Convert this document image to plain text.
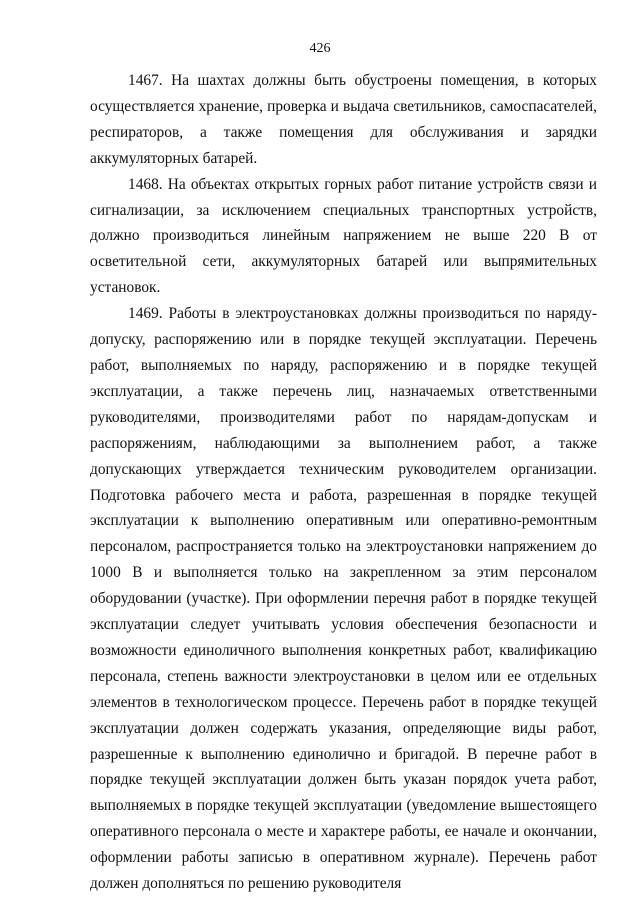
426

1467. На шахтах должны быть обустроены помещения, в которых осуществляется хранение, проверка и выдача светильников, самоспасателей, респираторов, а также помещения для обслуживания и зарядки аккумуляторных батарей.

1468. На объектах открытых горных работ питание устройств связи и сигнализации, за исключением специальных транспортных устройств, должно производиться линейным напряжением не выше 220 В от осветительной сети, аккумуляторных батарей или выпрямительных установок.

1469. Работы в электроустановках должны производиться по наряду-допуску, распоряжению или в порядке текущей эксплуатации. Перечень работ, выполняемых по наряду, распоряжению и в порядке текущей эксплуатации, а также перечень лиц, назначаемых ответственными руководителями, производителями работ по нарядам-допускам и распоряжениям, наблюдающими за выполнением работ, а также допускающих утверждается техническим руководителем организации. Подготовка рабочего места и работа, разрешенная в порядке текущей эксплуатации к выполнению оперативным или оперативно-ремонтным персоналом, распространяется только на электроустановки напряжением до 1000 В и выполняется только на закрепленном за этим персоналом оборудовании (участке). При оформлении перечня работ в порядке текущей эксплуатации следует учитывать условия обеспечения безопасности и возможности единоличного выполнения конкретных работ, квалификацию персонала, степень важности электроустановки в целом или ее отдельных элементов в технологическом процессе. Перечень работ в порядке текущей эксплуатации должен содержать указания, определяющие виды работ, разрешенные к выполнению единолично и бригадой. В перечне работ в порядке текущей эксплуатации должен быть указан порядок учета работ, выполняемых в порядке текущей эксплуатации (уведомление вышестоящего оперативного персонала о месте и характере работы, ее начале и окончании, оформлении работы записью в оперативном журнале). Перечень работ должен дополняться по решению руководителя
